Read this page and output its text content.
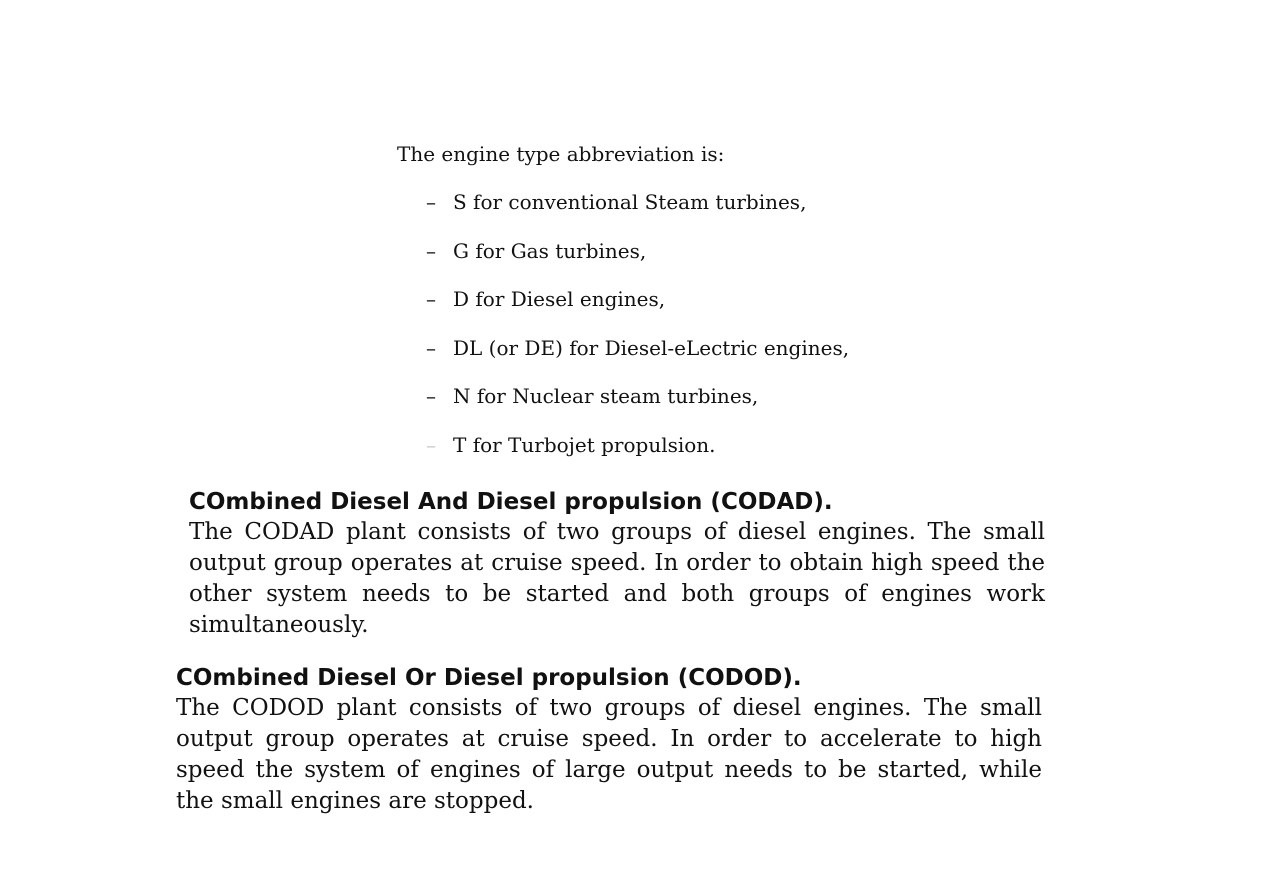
The engine type abbreviation is:
– S for conventional Steam turbines,
– G for Gas turbines,
– D for Diesel engines,
– DL (or DE) for Diesel-eLectric engines,
– N for Nuclear steam turbines,
– T for Turbojet propulsion.
COmbined Diesel And Diesel propulsion (CODAD).

The CODAD plant consists of two groups of diesel engines. The small output group operates at cruise speed. In order to obtain high speed the other system needs to be started and both groups of engines work simultaneously.

COmbined Diesel Or Diesel propulsion (CODOD).

The CODOD plant consists of two groups of diesel engines. The small output group operates at cruise speed. In order to accelerate to high speed the system of engines of large output needs to be started, while the small engines are stopped.
